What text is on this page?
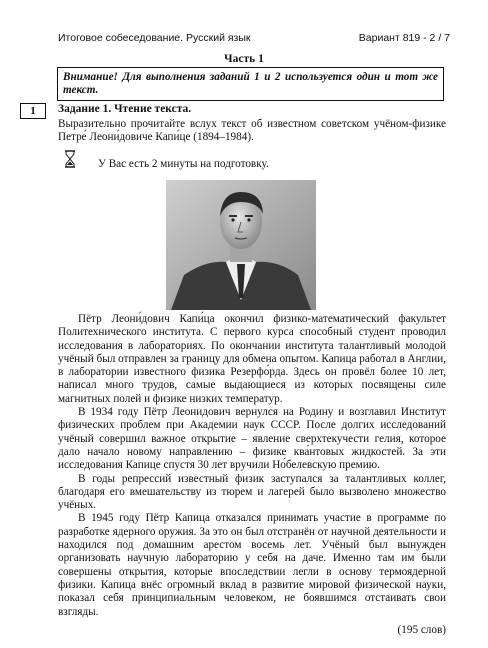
Итоговое собеседование. Русский язык	Вариант 819 - 2 / 7
Часть 1
Внимание! Для выполнения заданий 1 и 2 используется один и тот же текст.
1	Задание 1. Чтение текста.
Выразительно прочитайте вслух текст об известном советском учёном-физике Петре́ Леони́довиче Капи́це (1894–1984).
У Вас есть 2 минуты на подготовку.

Пётр Леони́дович Капи́ца окончил физико-математический факультет Политехнического института. С первого курса способный студент проводил исследования в лабораториях. По окончании института талантливый молодой учёный был отправлен за границу для обмена опытом. Капица работал в Англии, в лаборатории известного физика Резерфо́рда. Здесь он провёл более 10 лет, написал много трудов, самые выдающиеся из которых посвящены силе магнитных полей и физике низких температур.

В 1934 году Пётр Леонидович вернулся на Родину и возглавил Институт физических проблем при Академии наук СССР. После долгих исследований учёный совершил важное открытие – явление сверхтекучести гелия, которое дало начало новому направлению – физике ква́нтовых жидкостей. За эти исследования Капице спустя 30 лет вручили Но́белевскую премию.

В годы репрессий известный физик заступался за талантливых коллег, благодаря его вмешательству из тюрем и лагерей было вызволено множество учёных.

В 1945 году Пётр Капица отказался принимать участие в программе по разработке ядерного оружия. За это он был отстранён от научной деятельности и находился под домашним арестом восемь лет. Учёный был вынужден организовать научную лабораторию у себя на даче. Именно там им были совершены открытия, которые впоследствии легли в основу термоядерной физики. Капица внёс огромный вклад в развитие мировой физической науки, показал себя принципиальным человеком, не боявшимся отстаивать свои взгляды.

(195 слов)
